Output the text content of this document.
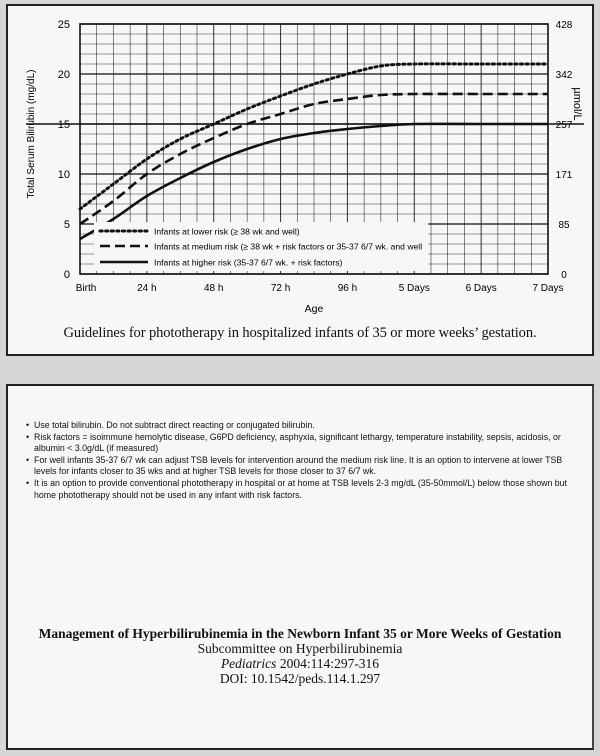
0
5
10
15
20
25
0
85
171
257
342
428
Birth	24 h	48 h	72 h	96 h	5 Days	6 Days	7 Days
Age
Total Serum Bilirubin (mg/dL)	µmol/L
Infants at lower risk (≥ 38 wk and well)
Infants at medium risk (≥ 38 wk + risk factors or 35-37 6/7 wk. and well
Infants at higher risk (35-37 6/7 wk. + risk factors)
Guidelines for phototherapy in hospitalized infants of 35 or more weeks’ gestation.
• Use total bilirubin. Do not subtract direct reacting or conjugated bilirubin.
• Risk factors = isoimmune hemolytic disease, G6PD deficiency, asphyxia, significant lethargy, temperature instability, sepsis, acidosis, or albumin < 3.0g/dL (if measured)
• For well infants 35-37 6/7 wk can adjust TSB levels for intervention around the medium risk line. It is an option to intervene at lower TSB levels for infants closer to 35 wks and at higher TSB levels for those closer to 37 6/7 wk.
• It is an option to provide conventional phototherapy in hospital or at home at TSB levels 2-3 mg/dL (35-50mmol/L) below those shown but home phototherapy should not be used in any infant with risk factors.
Management of Hyperbilirubinemia in the Newborn Infant 35 or More Weeks of Gestation
Subcommittee on Hyperbilirubinemia
Pediatrics 2004:114:297-316
DOI: 10.1542/peds.114.1.297
